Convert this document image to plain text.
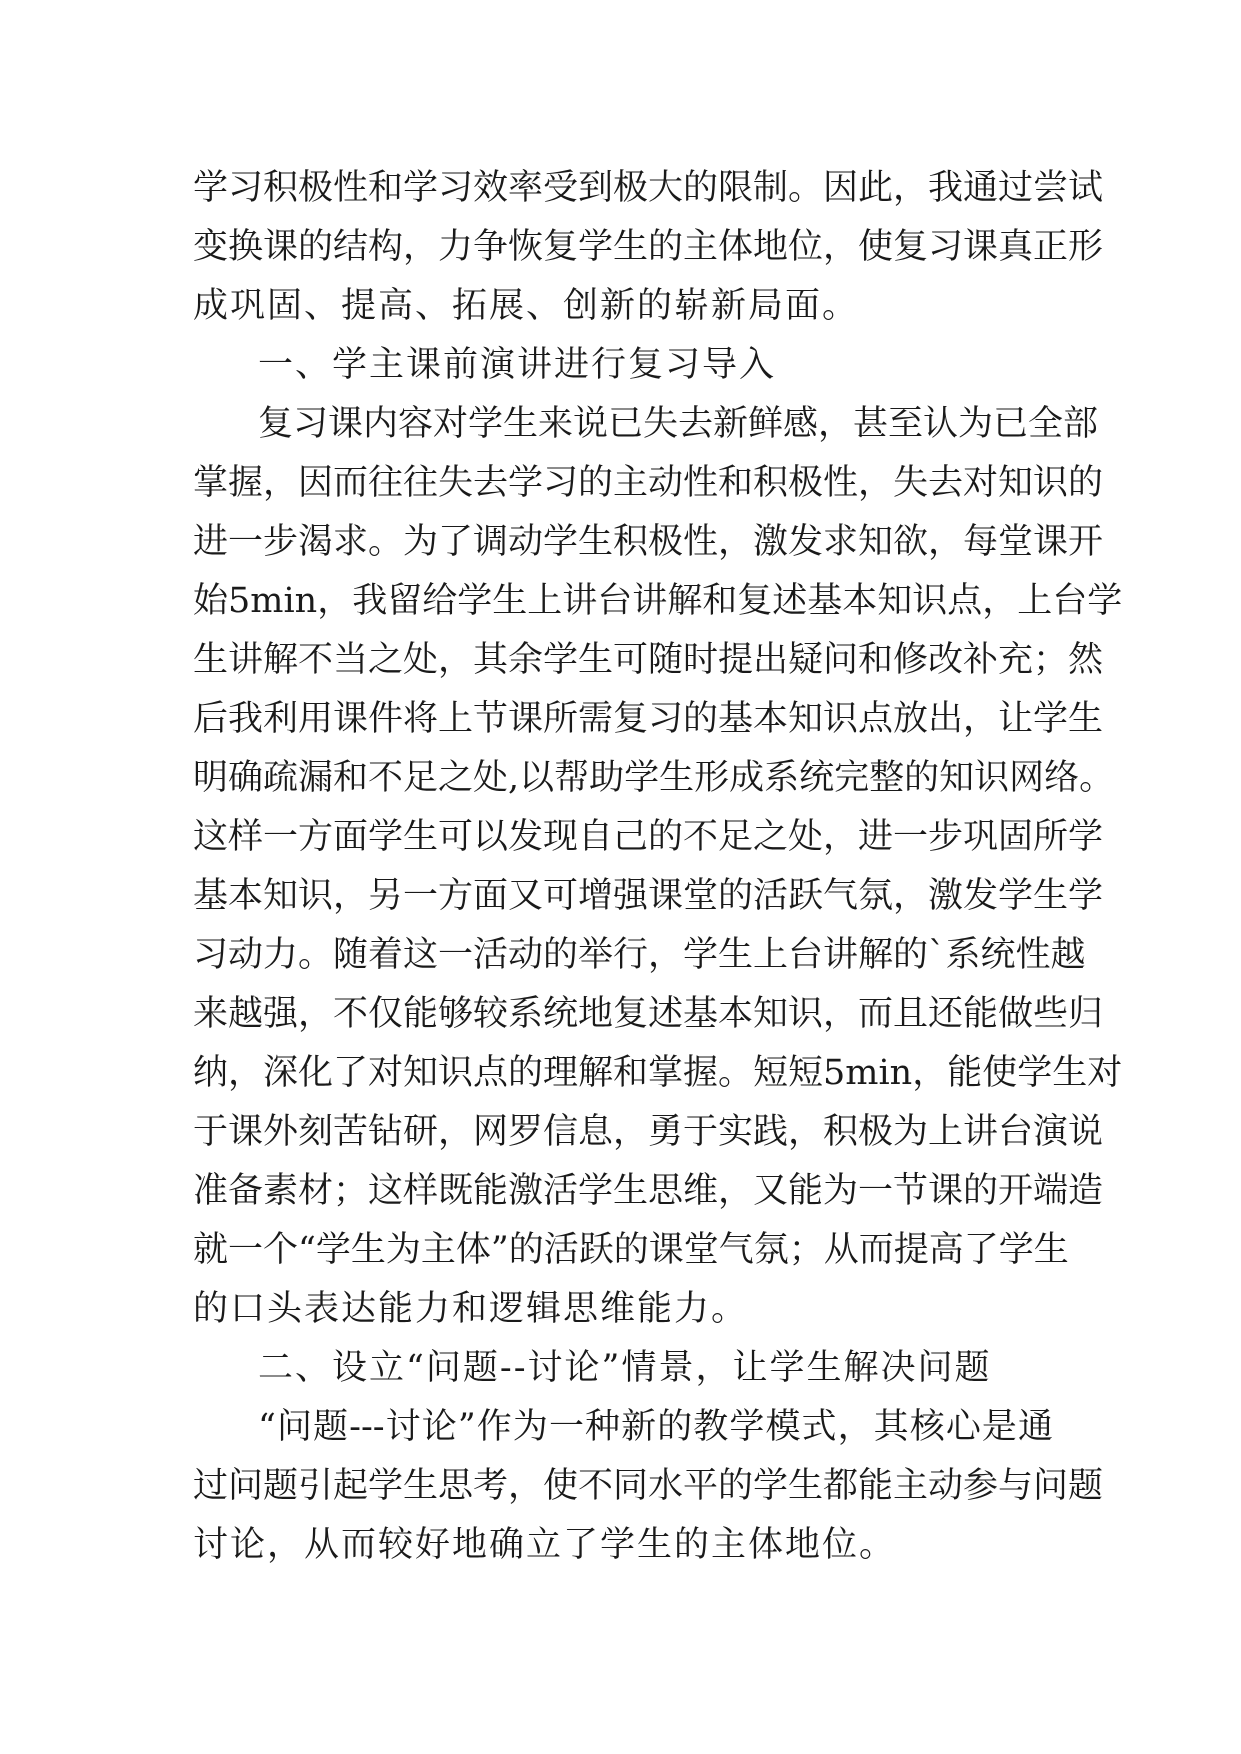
学习积极性和学习效率受到极大的限制。因此，我通过尝试
变换课的结构，力争恢复学生的主体地位，使复习课真正形
成巩固、提高、拓展、创新的崭新局面。
一、学主课前演讲进行复习导入
复习课内容对学生来说已失去新鲜感，甚至认为已全部
掌握，因而往往失去学习的主动性和积极性，失去对知识的
进一步渴求。为了调动学生积极性，激发求知欲，每堂课开
始5min，我留给学生上讲台讲解和复述基本知识点，上台学
生讲解不当之处，其余学生可随时提出疑问和修改补充；然
后我利用课件将上节课所需复习的基本知识点放出，让学生
明确疏漏和不足之处,以帮助学生形成系统完整的知识网络。
这样一方面学生可以发现自己的不足之处，进一步巩固所学
基本知识，另一方面又可增强课堂的活跃气氛，激发学生学
习动力。随着这一活动的举行，学生上台讲解的`系统性越
来越强，不仅能够较系统地复述基本知识，而且还能做些归
纳，深化了对知识点的理解和掌握。短短5min，能使学生对
于课外刻苦钻研，网罗信息，勇于实践，积极为上讲台演说
准备素材；这样既能激活学生思维，又能为一节课的开端造
就一个“学生为主体”的活跃的课堂气氛；从而提高了学生
的口头表达能力和逻辑思维能力。
二、设立“问题--讨论”情景，让学生解决问题
“问题---讨论”作为一种新的教学模式，其核心是通
过问题引起学生思考，使不同水平的学生都能主动参与问题
讨论，从而较好地确立了学生的主体地位。
